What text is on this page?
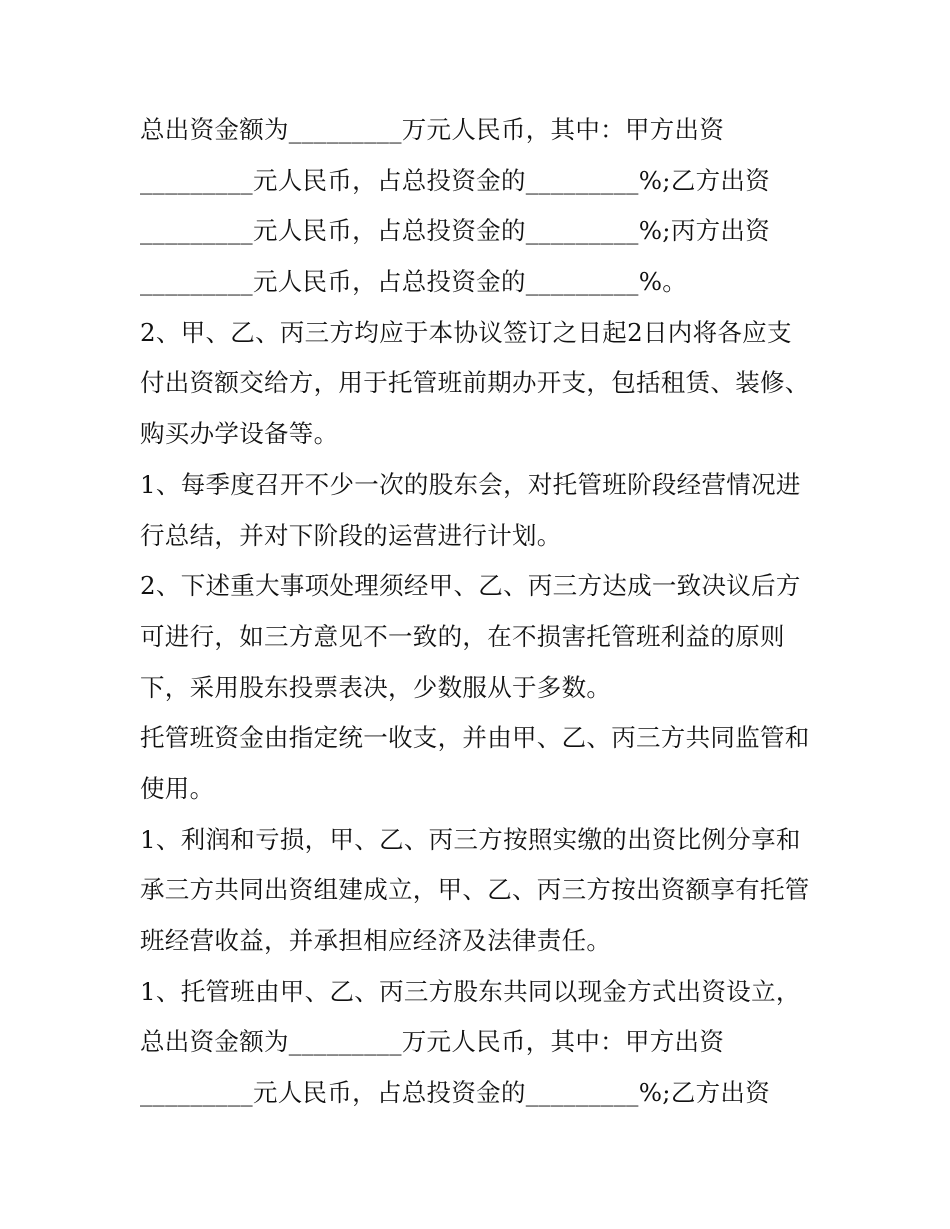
总出资金额为_________万元人民币，其中：甲方出资
_________元人民币，占总投资金的_________%;乙方出资
_________元人民币，占总投资金的_________%;丙方出资
_________元人民币，占总投资金的_________%。
2、甲、乙、丙三方均应于本协议签订之日起2日内将各应支
付出资额交给方，用于托管班前期办开支，包括租赁、装修、
购买办学设备等。
1、每季度召开不少一次的股东会，对托管班阶段经营情况进
行总结，并对下阶段的运营进行计划。
2、下述重大事项处理须经甲、乙、丙三方达成一致决议后方
可进行，如三方意见不一致的，在不损害托管班利益的原则
下，采用股东投票表决，少数服从于多数。
托管班资金由指定统一收支，并由甲、乙、丙三方共同监管和
使用。
1、利润和亏损，甲、乙、丙三方按照实缴的出资比例分享和
承三方共同出资组建成立，甲、乙、丙三方按出资额享有托管
班经营收益，并承担相应经济及法律责任。
1、托管班由甲、乙、丙三方股东共同以现金方式出资设立，
总出资金额为_________万元人民币，其中：甲方出资
_________元人民币，占总投资金的_________%;乙方出资
